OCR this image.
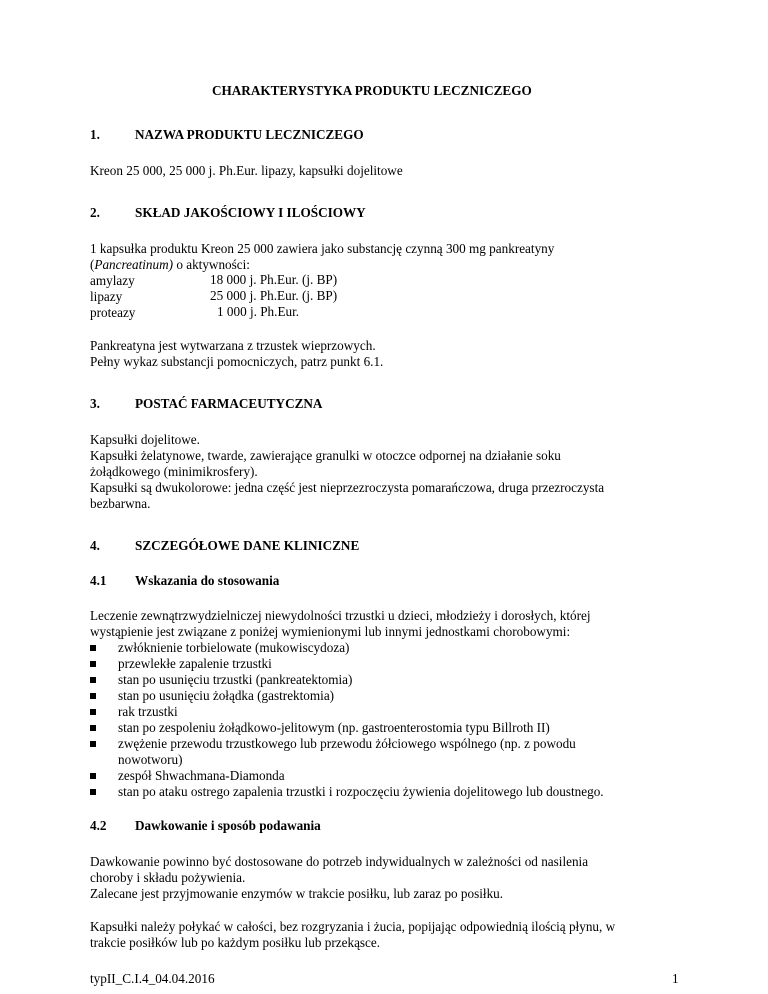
CHARAKTERYSTYKA PRODUKTU LECZNICZEGO
1.	NAZWA PRODUKTU LECZNICZEGO
Kreon 25 000, 25 000 j. Ph.Eur. lipazy, kapsułki dojelitowe
2.	SKŁAD JAKOŚCIOWY I ILOŚCIOWY
1 kapsułka produktu Kreon 25 000 zawiera jako substancję czynną 300 mg pankreatyny
(Pancreatinum) o aktywności:
amylazy	18 000 j. Ph.Eur. (j. BP)
lipazy	25 000 j. Ph.Eur. (j. BP)
proteazy	1 000 j. Ph.Eur.
Pankreatyna jest wytwarzana z trzustek wieprzowych.
Pełny wykaz substancji pomocniczych, patrz punkt 6.1.
3.	POSTAĆ FARMACEUTYCZNA
Kapsułki dojelitowe.
Kapsułki żelatynowe, twarde, zawierające granulki w otoczce odpornej na działanie soku
żołądkowego (minimikrosfery).
Kapsułki są dwukolorowe: jedna część jest nieprzezroczysta pomarańczowa, druga przezroczysta
bezbarwna.
4.	SZCZEGÓŁOWE DANE KLINICZNE
4.1 Wskazania do stosowania
Leczenie zewnątrzwydzielniczej niewydolności trzustki u dzieci, młodzieży i dorosłych, której
wystąpienie jest związane z poniżej wymienionymi lub innymi jednostkami chorobowymi:
zwłóknienie torbielowate (mukowiscydoza)
przewlekłe zapalenie trzustki
stan po usunięciu trzustki (pankreatektomia)
stan po usunięciu żołądka (gastrektomia)
rak trzustki
stan po zespoleniu żołądkowo-jelitowym (np. gastroenterostomia typu Billroth II)
zwężenie przewodu trzustkowego lub przewodu żółciowego wspólnego (np. z powodu
nowotworu)
zespół Shwachmana-Diamonda
stan po ataku ostrego zapalenia trzustki i rozpoczęciu żywienia dojelitowego lub doustnego.
4.2 Dawkowanie i sposób podawania
Dawkowanie powinno być dostosowane do potrzeb indywidualnych w zależności od nasilenia
choroby i składu pożywienia.
Zalecane jest przyjmowanie enzymów w trakcie posiłku, lub zaraz po posiłku.
Kapsułki należy połykać w całości, bez rozgryzania i żucia, popijając odpowiednią ilością płynu, w
trakcie posiłków lub po każdym posiłku lub przekąsce.
typII_C.I.4_04.04.2016	1
